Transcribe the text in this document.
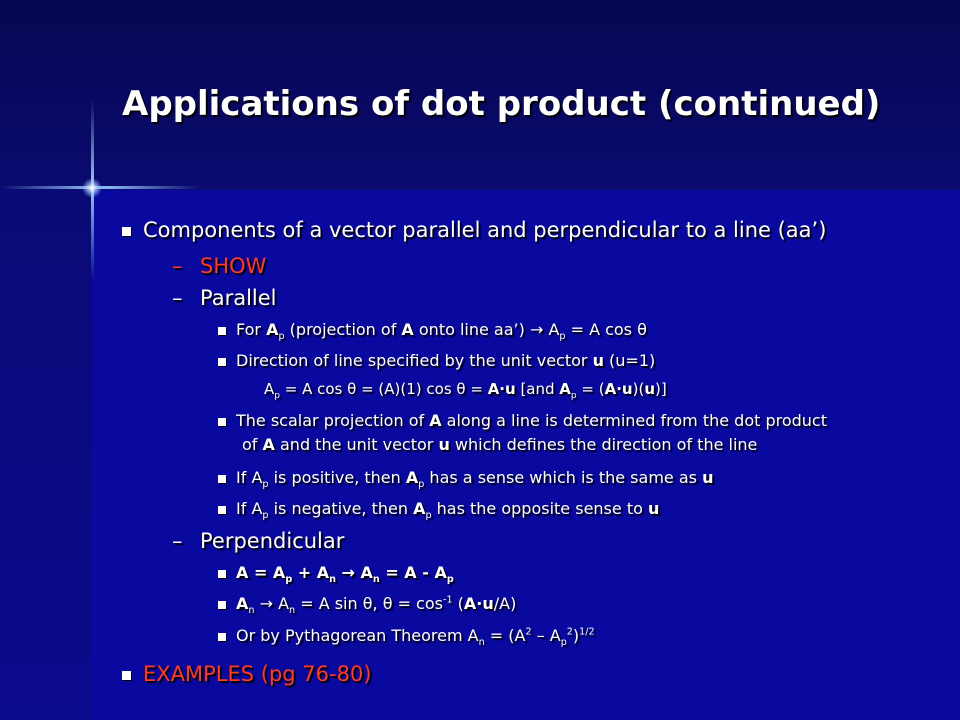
Applications of dot product (continued)
Components of a vector parallel and perpendicular to a line (aa’)
– SHOW
– Parallel
For $A_p$ (projection of A onto line aa’) → $A_p = A$ cos θ
Direction of line specified by the unit vector u (u=1)
$A_p = A$ cos θ = (A)(1) cos θ = A·u [and $A_p = (A\cdot u)(u)$]
The scalar projection of A along a line is determined from the dot product
of A and the unit vector u which defines the direction of the line
If $A_p$ is positive, then $A_p$ has a sense which is the same as u
If $A_p$ is negative, then $A_p$ has the opposite sense to u
– Perpendicular
$A = A_p + A_n \to A_n = A - A_p$
$A_n \to A_n = A$ sin θ, $\theta = \cos^{-1} (A\cdot u/A)$
Or by Pythagorean Theorem $A_n = (A^2 - A_p^2)^{1/2}$
EXAMPLES (pg 76-80)
